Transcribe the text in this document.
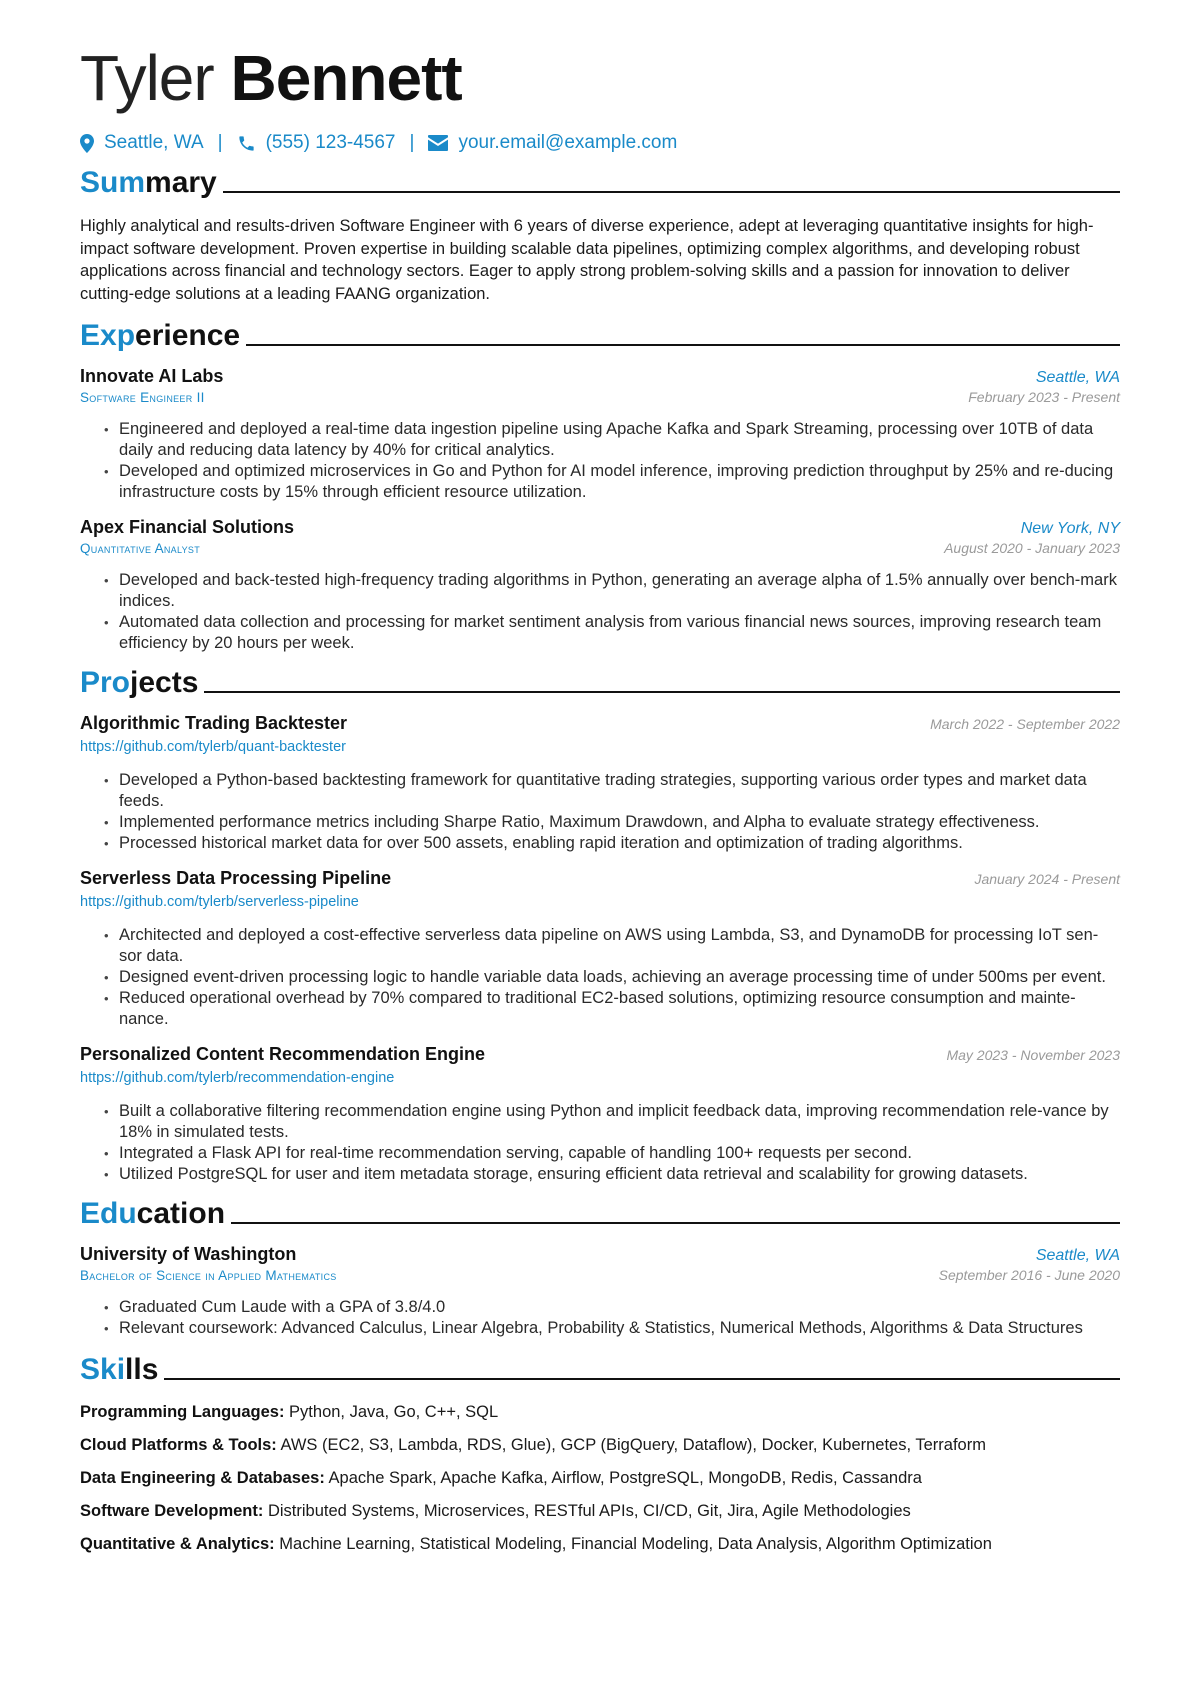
Tyler Bennett
Seattle, WA | (555) 123-4567 | your.email@example.com
Summary
Highly analytical and results-driven Software Engineer with 6 years of diverse experience, adept at leveraging quantitative insights for high-impact software development. Proven expertise in building scalable data pipelines, optimizing complex algorithms, and developing robust applications across financial and technology sectors. Eager to apply strong problem-solving skills and a passion for innovation to deliver cutting-edge solutions at a leading FAANG organization.
Experience
Innovate AI Labs	Seattle, WA
Software Engineer II	February 2023 - Present
• Engineered and deployed a real-time data ingestion pipeline using Apache Kafka and Spark Streaming, processing over 10TB of data daily and reducing data latency by 40% for critical analytics.
• Developed and optimized microservices in Go and Python for AI model inference, improving prediction throughput by 25% and re-ducing infrastructure costs by 15% through efficient resource utilization.
Apex Financial Solutions	New York, NY
Quantitative Analyst	August 2020 - January 2023
• Developed and back-tested high-frequency trading algorithms in Python, generating an average alpha of 1.5% annually over bench-mark indices.
• Automated data collection and processing for market sentiment analysis from various financial news sources, improving research team efficiency by 20 hours per week.
Projects
Algorithmic Trading Backtester	March 2022 - September 2022
https://github.com/tylerb/quant-backtester
• Developed a Python-based backtesting framework for quantitative trading strategies, supporting various order types and market data feeds.
• Implemented performance metrics including Sharpe Ratio, Maximum Drawdown, and Alpha to evaluate strategy effectiveness.
• Processed historical market data for over 500 assets, enabling rapid iteration and optimization of trading algorithms.
Serverless Data Processing Pipeline	January 2024 - Present
https://github.com/tylerb/serverless-pipeline
• Architected and deployed a cost-effective serverless data pipeline on AWS using Lambda, S3, and DynamoDB for processing IoT sen-sor data.
• Designed event-driven processing logic to handle variable data loads, achieving an average processing time of under 500ms per event.
• Reduced operational overhead by 70% compared to traditional EC2-based solutions, optimizing resource consumption and mainte-nance.
Personalized Content Recommendation Engine	May 2023 - November 2023
https://github.com/tylerb/recommendation-engine
• Built a collaborative filtering recommendation engine using Python and implicit feedback data, improving recommendation rele-vance by 18% in simulated tests.
• Integrated a Flask API for real-time recommendation serving, capable of handling 100+ requests per second.
• Utilized PostgreSQL for user and item metadata storage, ensuring efficient data retrieval and scalability for growing datasets.
Education
University of Washington	Seattle, WA
Bachelor of Science in Applied Mathematics	September 2016 - June 2020
• Graduated Cum Laude with a GPA of 3.8/4.0
• Relevant coursework: Advanced Calculus, Linear Algebra, Probability & Statistics, Numerical Methods, Algorithms & Data Structures
Skills
Programming Languages: Python, Java, Go, C++, SQL
Cloud Platforms & Tools: AWS (EC2, S3, Lambda, RDS, Glue), GCP (BigQuery, Dataflow), Docker, Kubernetes, Terraform
Data Engineering & Databases: Apache Spark, Apache Kafka, Airflow, PostgreSQL, MongoDB, Redis, Cassandra
Software Development: Distributed Systems, Microservices, RESTful APIs, CI/CD, Git, Jira, Agile Methodologies
Quantitative & Analytics: Machine Learning, Statistical Modeling, Financial Modeling, Data Analysis, Algorithm Optimization
